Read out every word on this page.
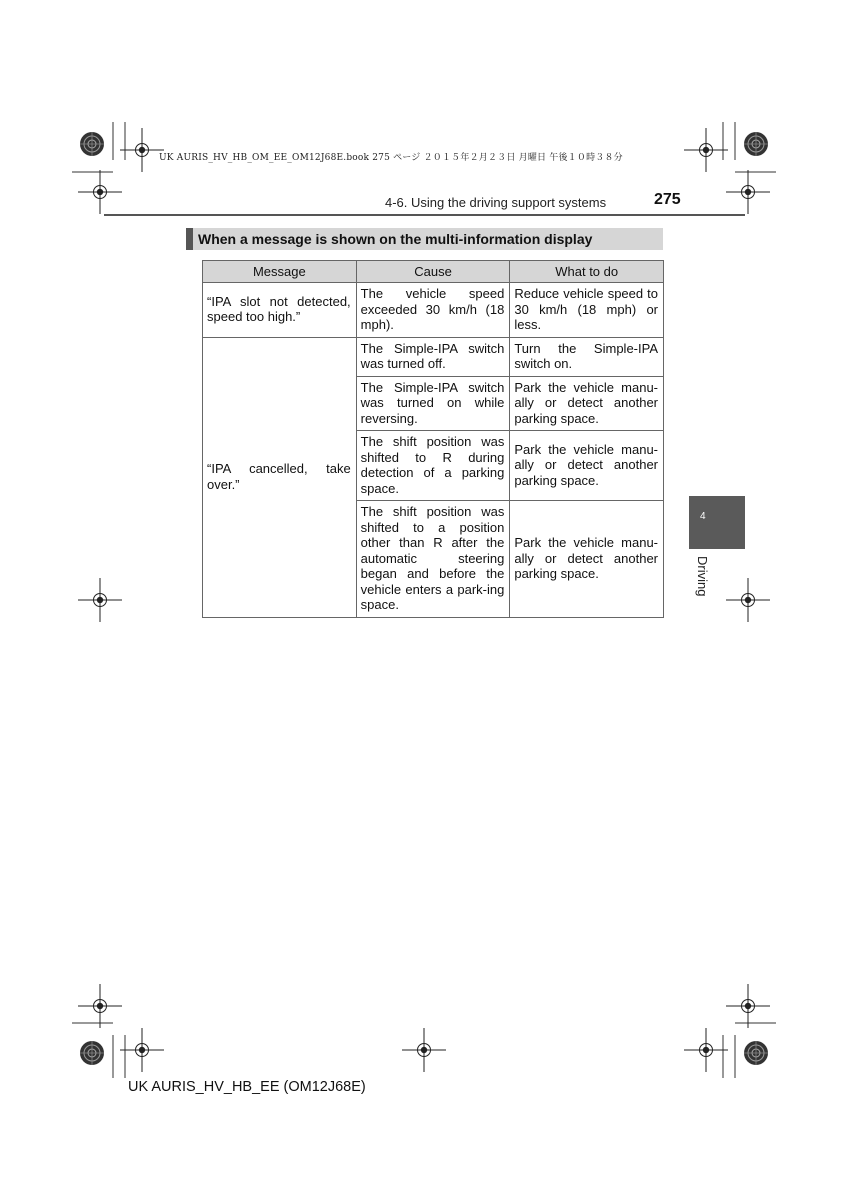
UK AURIS_HV_HB_OM_EE_OM12J68E.book 275 ページ ２０１５年２月２３日 月曜日 午後１０時３８分
4-6. Using the driving support systems	275
When a message is shown on the multi-information display
Message	Cause	What to do
“IPA slot not detected, speed too high.”	The vehicle speed exceeded 30 km/h (18 mph).	Reduce vehicle speed to 30 km/h (18 mph) or less.
“IPA cancelled, take over.”	The Simple-IPA switch was turned off.	Turn the Simple-IPA switch on.
	The Simple-IPA switch was turned on while reversing.	Park the vehicle manu-ally or detect another parking space.
	The shift position was shifted to R during detection of a parking space.	Park the vehicle manu-ally or detect another parking space.
	The shift position was shifted to a position other than R after the automatic steering began and before the vehicle enters a park-ing space.	Park the vehicle manu-ally or detect another parking space.
4
Driving
UK AURIS_HV_HB_EE (OM12J68E)
